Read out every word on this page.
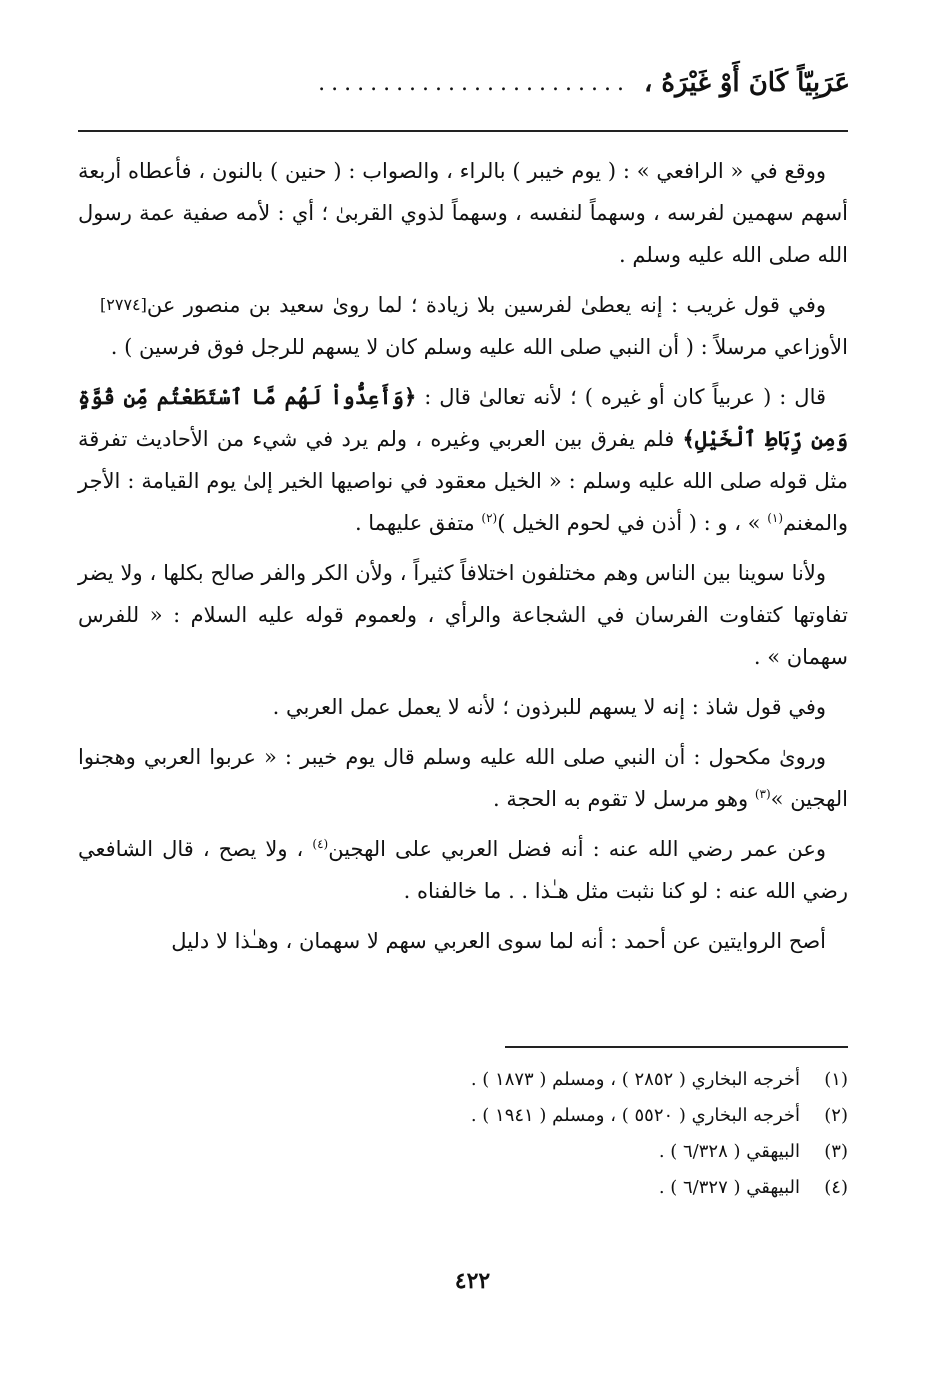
عَرَبِيّاً كَانَ أَوْ غَيْرَهُ ،
........................

ووقع في « الرافعي » : ( يوم خيبر ) بالراء ، والصواب : ( حنين ) بالنون ، فأعطاه أربعة أسهم سهمين لفرسه ، وسهماً لنفسه ، وسهماً لذوي القربىٰ ؛ أي : لأمه صفية عمة رسول الله صلى الله عليه وسلم .

[٢٧٧٤] وفي قول غريب : إنه يعطىٰ لفرسين بلا زيادة ؛ لما روىٰ سعيد بن منصور عن الأوزاعي مرسلاً : ( أن النبي صلى الله عليه وسلم كان لا يسهم للرجل فوق فرسين ) .

قال : ( عربياً كان أو غيره ) ؛ لأنه تعالىٰ قال : ﴿وَأَعِدُّواْ لَهُم مَّا ٱسْتَطَعْتُم مِّن قُوَّةٍ وَمِن رِّبَاطِ ٱلْخَيْلِ﴾ فلم يفرق بين العربي وغيره ، ولم يرد في شيء من الأحاديث تفرقة مثل قوله صلى الله عليه وسلم : « الخيل معقود في نواصيها الخير إلىٰ يوم القيامة : الأجر والمغنم$^{(١)}$ » ، و : ( أذن في لحوم الخيل )$^{(٢)}$ متفق عليهما .

ولأنا سوينا بين الناس وهم مختلفون اختلافاً كثيراً ، ولأن الكر والفر صالح بكلها ، ولا يضر تفاوتها كتفاوت الفرسان في الشجاعة والرأي ، ولعموم قوله عليه السلام : « للفرس سهمان » .

وفي قول شاذ : إنه لا يسهم للبرذون ؛ لأنه لا يعمل عمل العربي .

وروىٰ مكحول : أن النبي صلى الله عليه وسلم قال يوم خيبر : « عربوا العربي وهجنوا الهجين »$^{(٣)}$ وهو مرسل لا تقوم به الحجة .

وعن عمر رضي الله عنه : أنه فضل العربي على الهجين$^{(٤)}$ ، ولا يصح ، قال الشافعي رضي الله عنه : لو كنا نثبت مثل هـٰذا . . ما خالفناه .

أصح الروايتين عن أحمد : أنه لما سوى العربي سهم لا سهمان ، وهـٰذا لا دليل

(١)
أخرجه البخاري ( ٢٨٥٢ ) ، ومسلم ( ١٨٧٣ ) .
(٢)
أخرجه البخاري ( ٥٥٢٠ ) ، ومسلم ( ١٩٤١ ) .
(٣)
البيهقي ( ٦/٣٢٨ ) .
(٤)
البيهقي ( ٦/٣٢٧ ) .
٤٢٢
